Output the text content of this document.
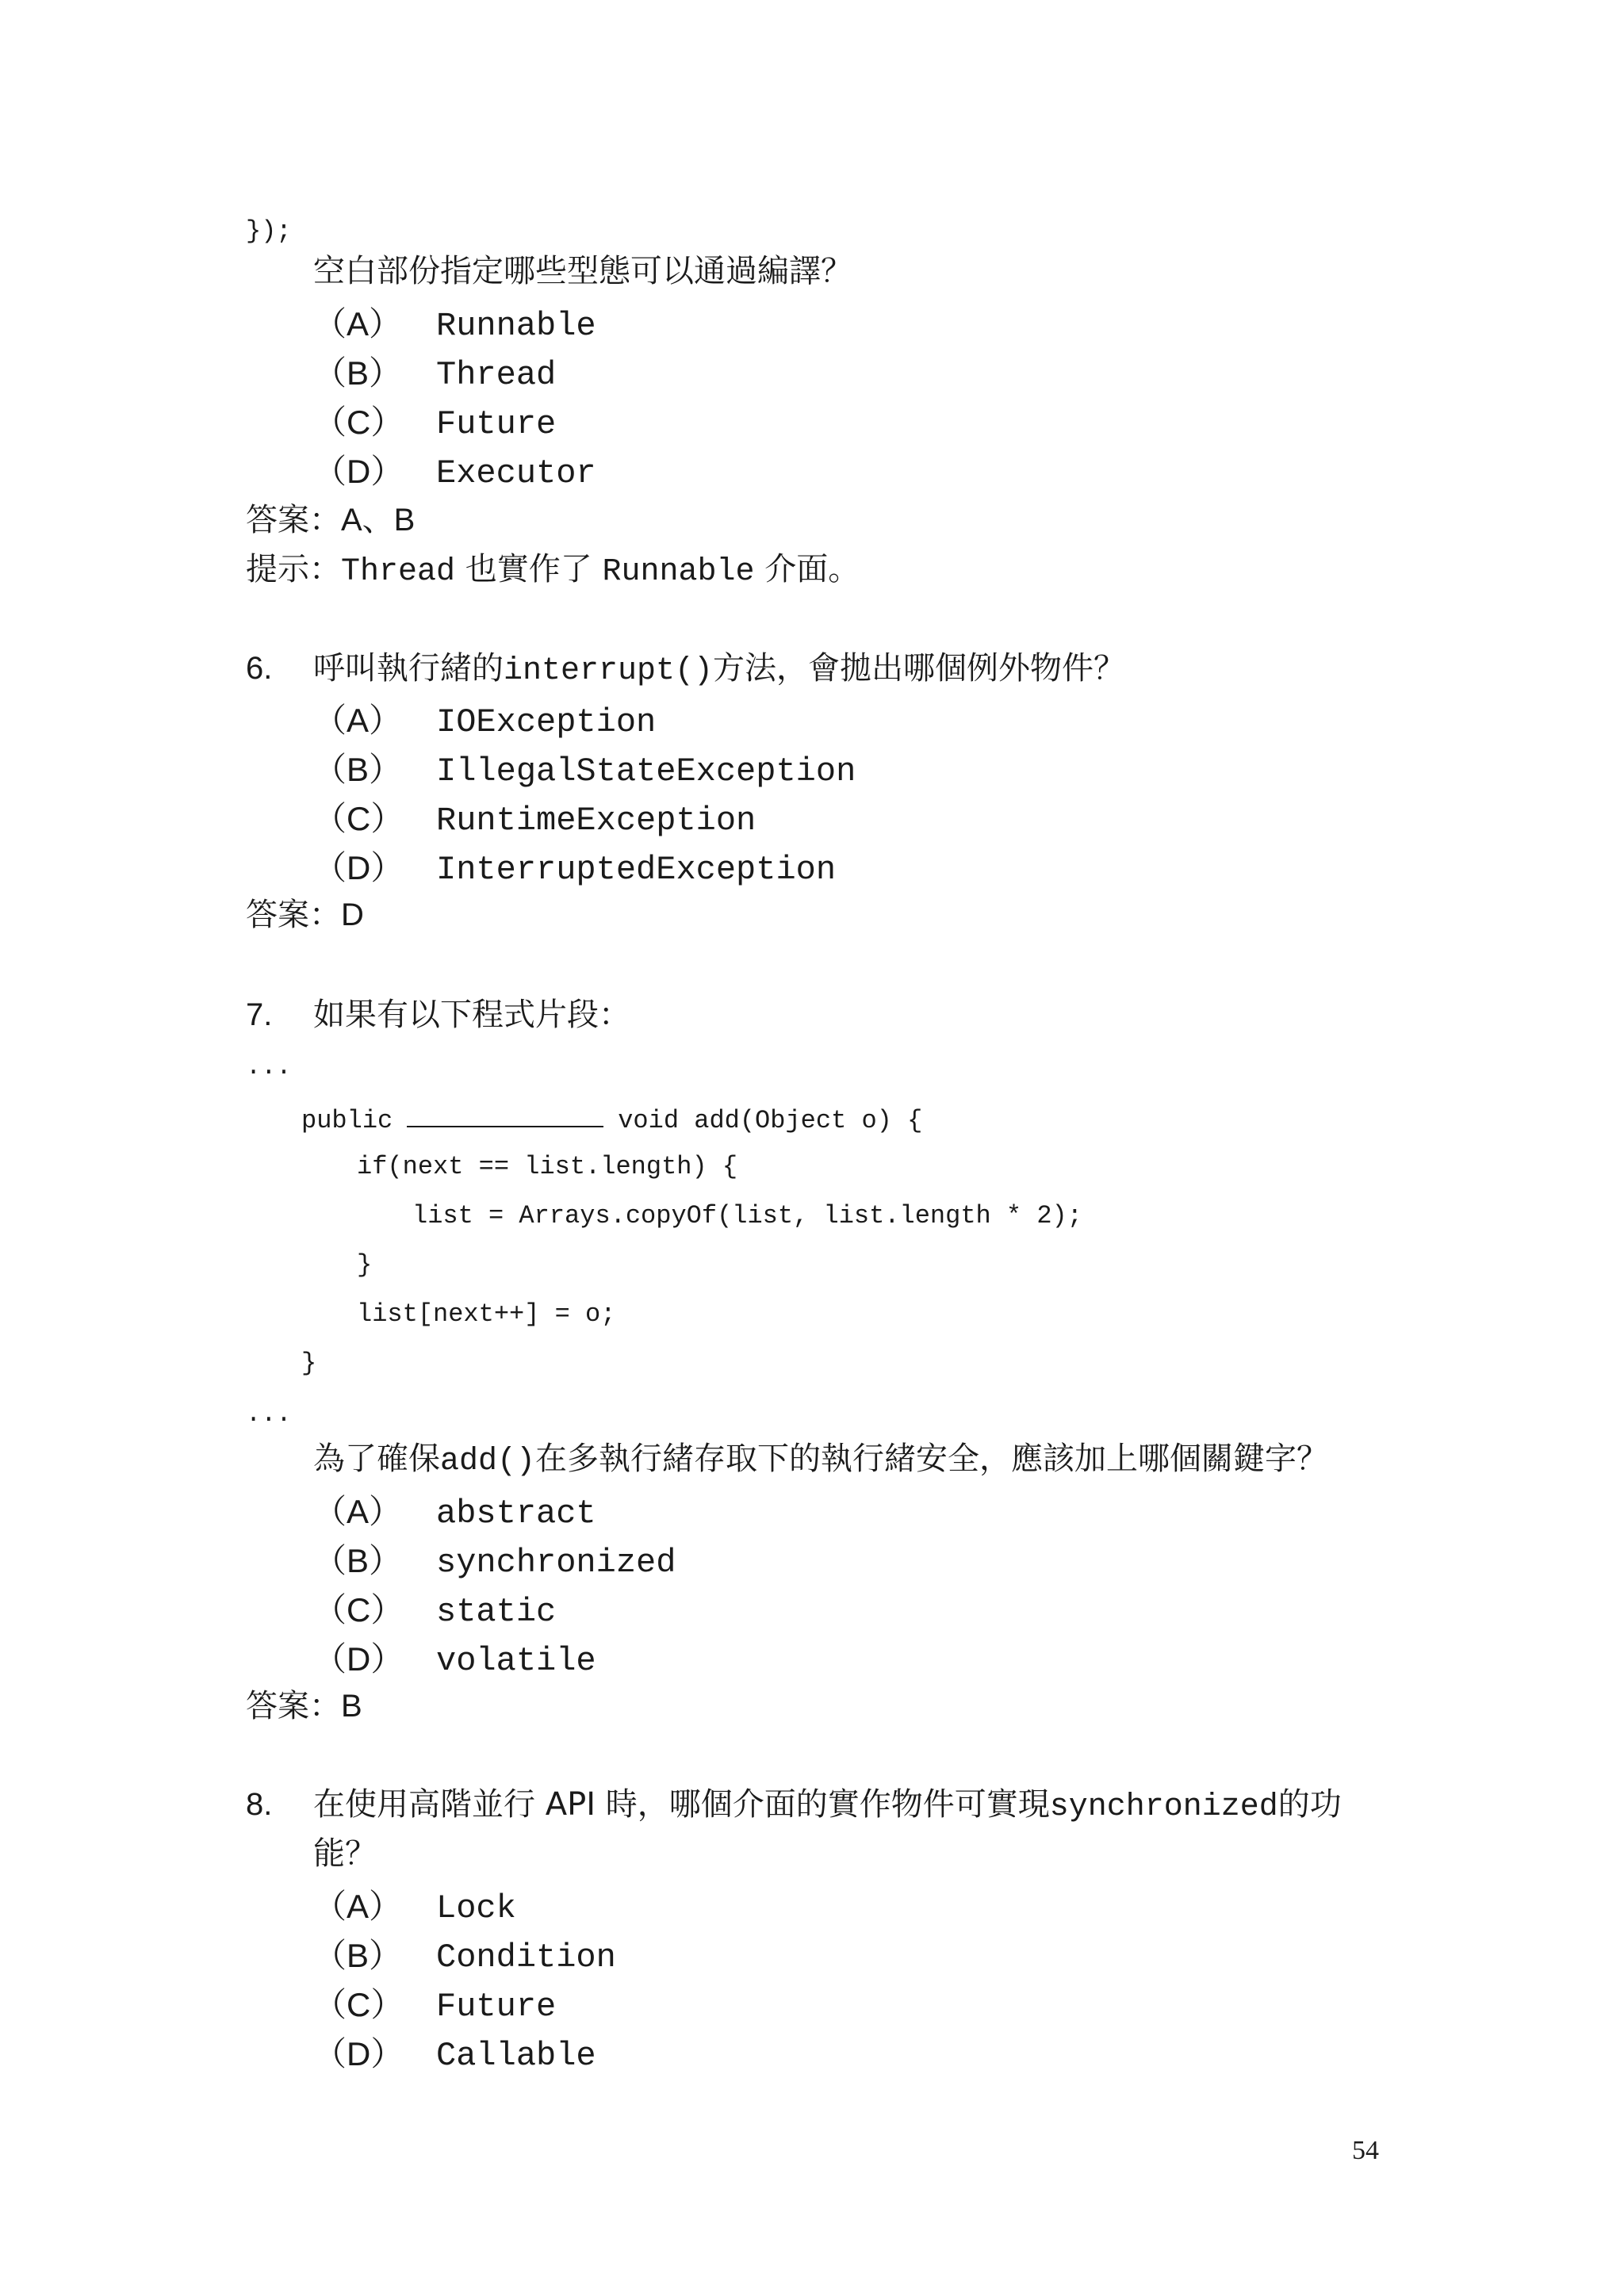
});
空白部份指定哪些型態可以通過編譯？
（A） Runnable
（B） Thread
（C） Future
（D） Executor
答案：A、B
提示：Thread 也實作了 Runnable 介面。
6. 呼叫執行緒的interrupt()方法，會拋出哪個例外物件？
（A） IOException
（B） IllegalStateException
（C） RuntimeException
（D） InterruptedException
答案：D
7. 如果有以下程式片段：
...
public	void add(Object o) {
if(next == list.length) {
list = Arrays.copyOf(list, list.length * 2);
}
list[next++] = o;
}
...
為了確保add()在多執行緒存取下的執行緒安全，應該加上哪個關鍵字？
（A） abstract
（B） synchronized
（C） static
（D） volatile
答案：B
8. 在使用高階並行 API 時，哪個介面的實作物件可實現synchronized的功
能？
（A） Lock
（B） Condition
（C） Future
（D） Callable
54
